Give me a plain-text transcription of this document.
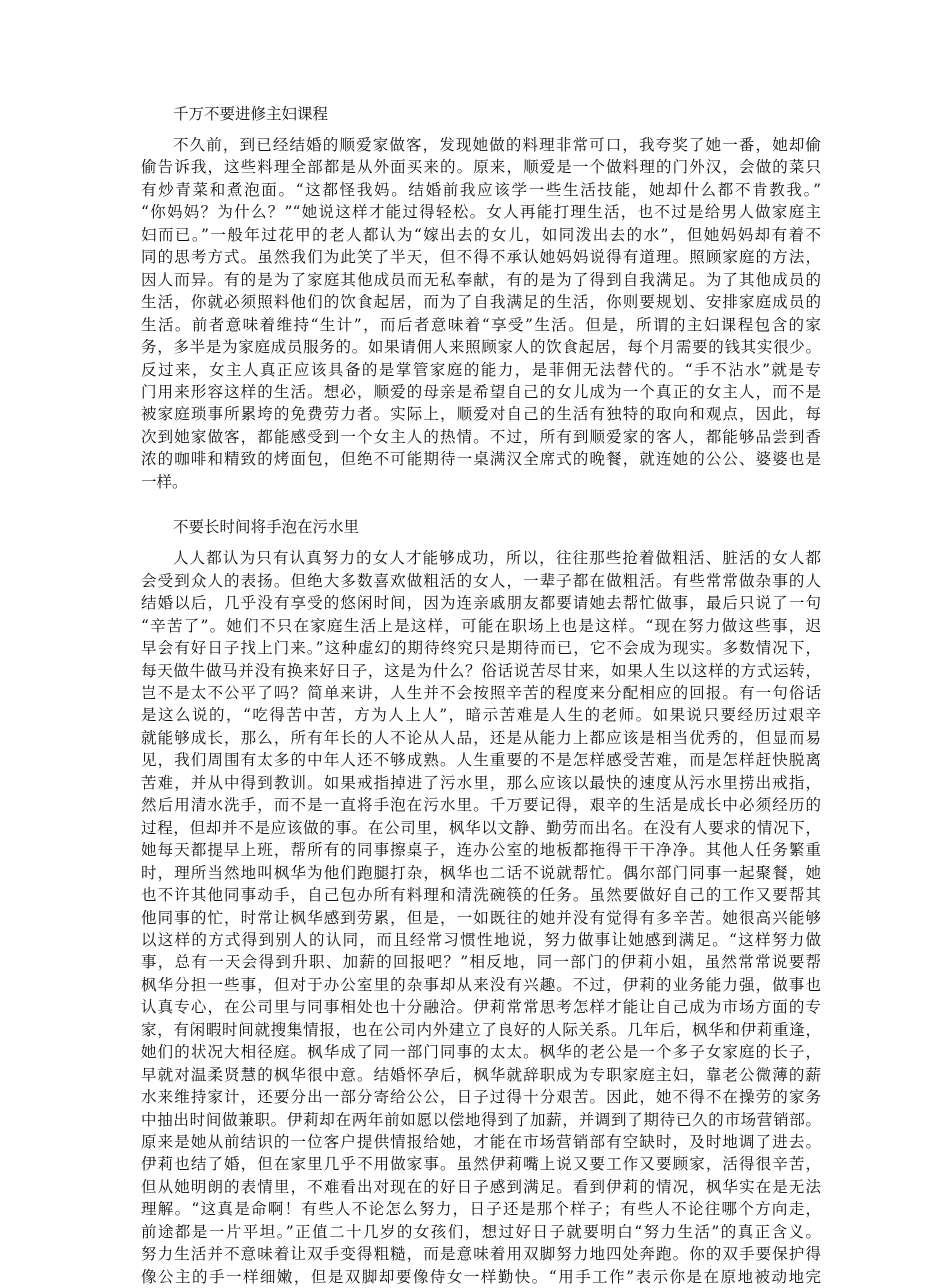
千万不要进修主妇课程
不久前，到已经结婚的顺爱家做客，发现她做的料理非常可口，我夸奖了她一番，她却偷
偷告诉我，这些料理全部都是从外面买来的。原来，顺爱是一个做料理的门外汉，会做的菜只
有炒青菜和煮泡面。“这都怪我妈。结婚前我应该学一些生活技能，她却什么都不肯教我。”
“你妈妈？为什么？”“她说这样才能过得轻松。女人再能打理生活，也不过是给男人做家庭主
妇而已。”一般年过花甲的老人都认为“嫁出去的女儿，如同泼出去的水”，但她妈妈却有着不
同的思考方式。虽然我们为此笑了半天，但不得不承认她妈妈说得有道理。照顾家庭的方法，
因人而异。有的是为了家庭其他成员而无私奉献，有的是为了得到自我满足。为了其他成员的
生活，你就必须照料他们的饮食起居，而为了自我满足的生活，你则要规划、安排家庭成员的
生活。前者意味着维持“生计”，而后者意味着“享受”生活。但是，所谓的主妇课程包含的家
务，多半是为家庭成员服务的。如果请佣人来照顾家人的饮食起居，每个月需要的钱其实很少。
反过来，女主人真正应该具备的是掌管家庭的能力，是菲佣无法替代的。“手不沾水”就是专
门用来形容这样的生活。想必，顺爱的母亲是希望自己的女儿成为一个真正的女主人，而不是
被家庭琐事所累垮的免费劳力者。实际上，顺爱对自己的生活有独特的取向和观点，因此，每
次到她家做客，都能感受到一个女主人的热情。不过，所有到顺爱家的客人，都能够品尝到香
浓的咖啡和精致的烤面包，但绝不可能期待一桌满汉全席式的晚餐，就连她的公公、婆婆也是
一样。
不要长时间将手泡在污水里
人人都认为只有认真努力的女人才能够成功，所以，往往那些抢着做粗活、脏活的女人都
会受到众人的表扬。但绝大多数喜欢做粗活的女人，一辈子都在做粗活。有些常常做杂事的人
结婚以后，几乎没有享受的悠闲时间，因为连亲戚朋友都要请她去帮忙做事，最后只说了一句
“辛苦了”。她们不只在家庭生活上是这样，可能在职场上也是这样。“现在努力做这些事，迟
早会有好日子找上门来。”这种虚幻的期待终究只是期待而已，它不会成为现实。多数情况下，
每天做牛做马并没有换来好日子，这是为什么？俗话说苦尽甘来，如果人生以这样的方式运转，
岂不是太不公平了吗？简单来讲，人生并不会按照辛苦的程度来分配相应的回报。有一句俗话
是这么说的，“吃得苦中苦，方为人上人”，暗示苦难是人生的老师。如果说只要经历过艰辛
就能够成长，那么，所有年长的人不论从人品，还是从能力上都应该是相当优秀的，但显而易
见，我们周围有太多的中年人还不够成熟。人生重要的不是怎样感受苦难，而是怎样赶快脱离
苦难，并从中得到教训。如果戒指掉进了污水里，那么应该以最快的速度从污水里捞出戒指，
然后用清水洗手，而不是一直将手泡在污水里。千万要记得，艰辛的生活是成长中必须经历的
过程，但却并不是应该做的事。在公司里，枫华以文静、勤劳而出名。在没有人要求的情况下，
她每天都提早上班，帮所有的同事擦桌子，连办公室的地板都拖得干干净净。其他人任务繁重
时，理所当然地叫枫华为他们跑腿打杂，枫华也二话不说就帮忙。偶尔部门同事一起聚餐，她
也不许其他同事动手，自己包办所有料理和清洗碗筷的任务。虽然要做好自己的工作又要帮其
他同事的忙，时常让枫华感到劳累，但是，一如既往的她并没有觉得有多辛苦。她很高兴能够
以这样的方式得到别人的认同，而且经常习惯性地说，努力做事让她感到满足。“这样努力做
事，总有一天会得到升职、加薪的回报吧？”相反地，同一部门的伊莉小姐，虽然常常说要帮
枫华分担一些事，但对于办公室里的杂事却从来没有兴趣。不过，伊莉的业务能力强，做事也
认真专心，在公司里与同事相处也十分融洽。伊莉常常思考怎样才能让自己成为市场方面的专
家，有闲暇时间就搜集情报，也在公司内外建立了良好的人际关系。几年后，枫华和伊莉重逢，
她们的状况大相径庭。枫华成了同一部门同事的太太。枫华的老公是一个多子女家庭的长子，
早就对温柔贤慧的枫华很中意。结婚怀孕后，枫华就辞职成为专职家庭主妇，靠老公微薄的薪
水来维持家计，还要分出一部分寄给公公，日子过得十分艰苦。因此，她不得不在操劳的家务
中抽出时间做兼职。伊莉却在两年前如愿以偿地得到了加薪，并调到了期待已久的市场营销部。
原来是她从前结识的一位客户提供情报给她，才能在市场营销部有空缺时，及时地调了进去。
伊莉也结了婚，但在家里几乎不用做家事。虽然伊莉嘴上说又要工作又要顾家，活得很辛苦，
但从她明朗的表情里，不难看出对现在的好日子感到满足。看到伊莉的情况，枫华实在是无法
理解。“这真是命啊！有些人不论怎么努力，日子还是那个样子；有些人不论往哪个方向走，
前途都是一片平坦。”正值二十几岁的女孩们，想过好日子就要明白“努力生活”的真正含义。
努力生活并不意味着让双手变得粗糙，而是意味着用双脚努力地四处奔跑。你的双手要保护得
像公主的手一样细嫩，但是双脚却要像侍女一样勤快。“用手工作”表示你是在原地被动地完
